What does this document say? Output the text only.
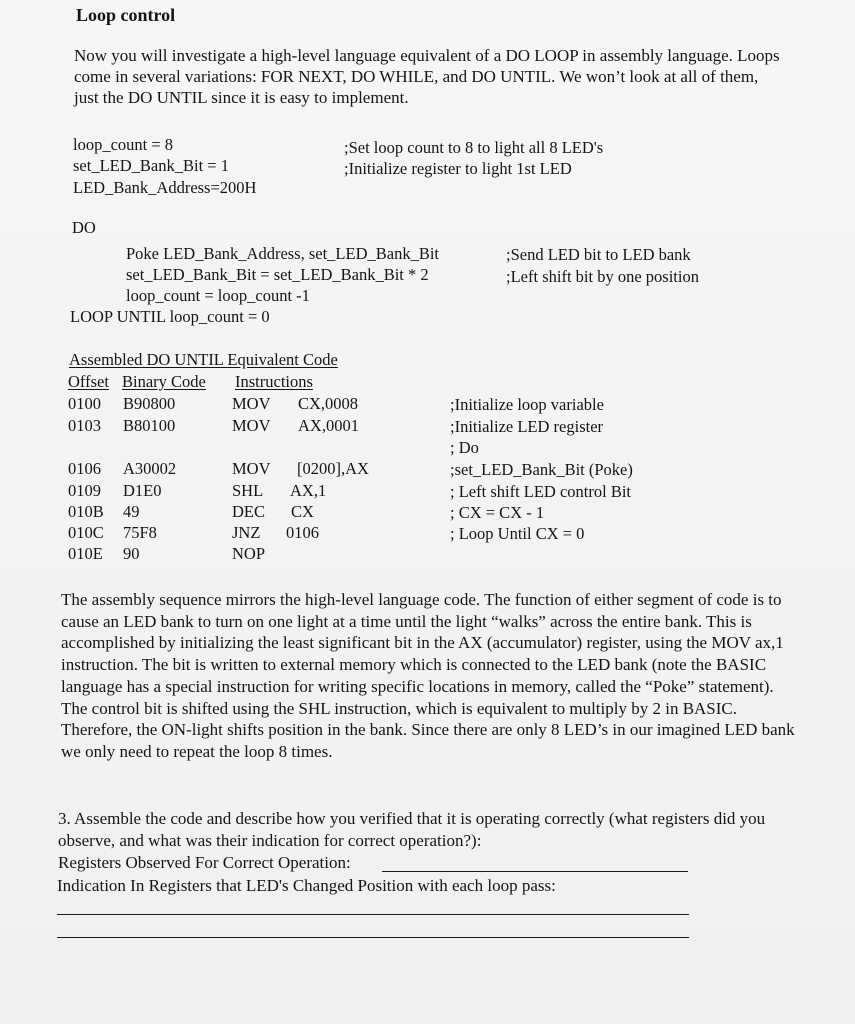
Loop control
Now you will investigate a high-level language equivalent of a DO LOOP in assembly language. Loops come in several variations: FOR NEXT, DO WHILE, and DO UNTIL. We won’t look at all of them, just the DO UNTIL since it is easy to implement.
loop_count = 8	;Set loop count to 8 to light all 8 LED's
set_LED_Bank_Bit = 1	;Initialize register to light 1st LED
LED_Bank_Address=200H
DO
Poke LED_Bank_Address, set_LED_Bank_Bit	;Send LED bit to LED bank
set_LED_Bank_Bit = set_LED_Bank_Bit * 2	;Left shift bit by one position
loop_count = loop_count -1
LOOP UNTIL loop_count = 0
Assembled DO UNTIL Equivalent Code
Offset Binary Code Instructions
0100 B90800	MOV CX,0008	;Initialize loop variable
0103 B80100	MOV AX,0001	;Initialize LED register
; Do
0106 A30002	MOV [0200],AX	;set_LED_Bank_Bit (Poke)
0109 D1E0	SHL AX,1	; Left shift LED control Bit
010B 49	DEC CX	; CX = CX - 1
010C 75F8	JNZ 0106	; Loop Until CX = 0
010E 90	NOP
The assembly sequence mirrors the high-level language code. The function of either segment of code is to cause an LED bank to turn on one light at a time until the light “walks” across the entire bank. This is accomplished by initializing the least significant bit in the AX (accumulator) register, using the MOV ax,1 instruction. The bit is written to external memory which is connected to the LED bank (note the BASIC language has a special instruction for writing specific locations in memory, called the “Poke” statement). The control bit is shifted using the SHL instruction, which is equivalent to multiply by 2 in BASIC. Therefore, the ON-light shifts position in the bank. Since there are only 8 LED’s in our imagined LED bank we only need to repeat the loop 8 times.
3. Assemble the code and describe how you verified that it is operating correctly (what registers did you observe, and what was their indication for correct operation?):
Registers Observed For Correct Operation:
Indication In Registers that LED's Changed Position with each loop pass:
